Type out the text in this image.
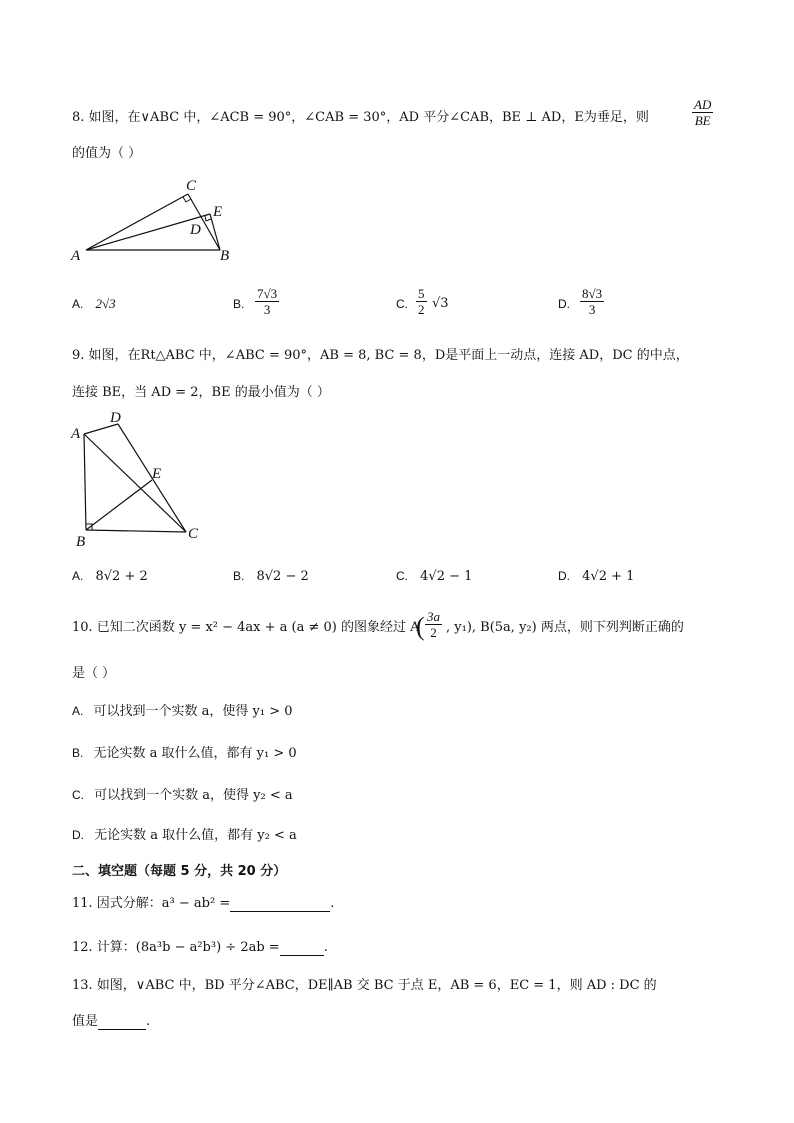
8. 如图，在∨ABC 中，∠ACB = 90°，∠CAB = 30°，AD 平分∠CAB，BE ⊥ AD，E为垂足，则	$\frac{AD}{BE}$
的值为（ ）
C
E
D
A	B
A. 2√3	B. $\frac{7√3}{3}$	C. $\frac{5}{2} √3$	D. $\frac{8√3}{3}$
9. 如图，在Rt△ABC 中，∠ABC = 90°，AB = 8, BC = 8，D是平面上一动点，连接 AD，DC 的中点，
连接 BE，当 AD = 2，BE 的最小值为（ ）
D
A
E
B	C
A. 8√2 + 2	B. 8√2 − 2	C. 4√2 − 1	D. 4√2 + 1
10. 已知二次函数 y = x² − 4ax + a (a ≠ 0) 的图象经过 A
( $\frac{3a}{2}$ , y₁), B(5a, y₂) 两点，则下列判断正确的
是（ ）
A. 可以找到一个实数 a，使得 y₁ > 0
B. 无论实数 a 取什么值，都有 y₁ > 0
C. 可以找到一个实数 a，使得 y₂ < a
D. 无论实数 a 取什么值，都有 y₂ < a
二、填空题（每题 5 分，共 20 分）
11. 因式分解：a³ − ab² =	.
12. 计算：(8a³b − a²b³) ÷ 2ab =	.
13. 如图，∨ABC 中，BD 平分∠ABC，DE∥AB 交 BC 于点 E，AB = 6，EC = 1，则 AD : DC 的
值是	.
